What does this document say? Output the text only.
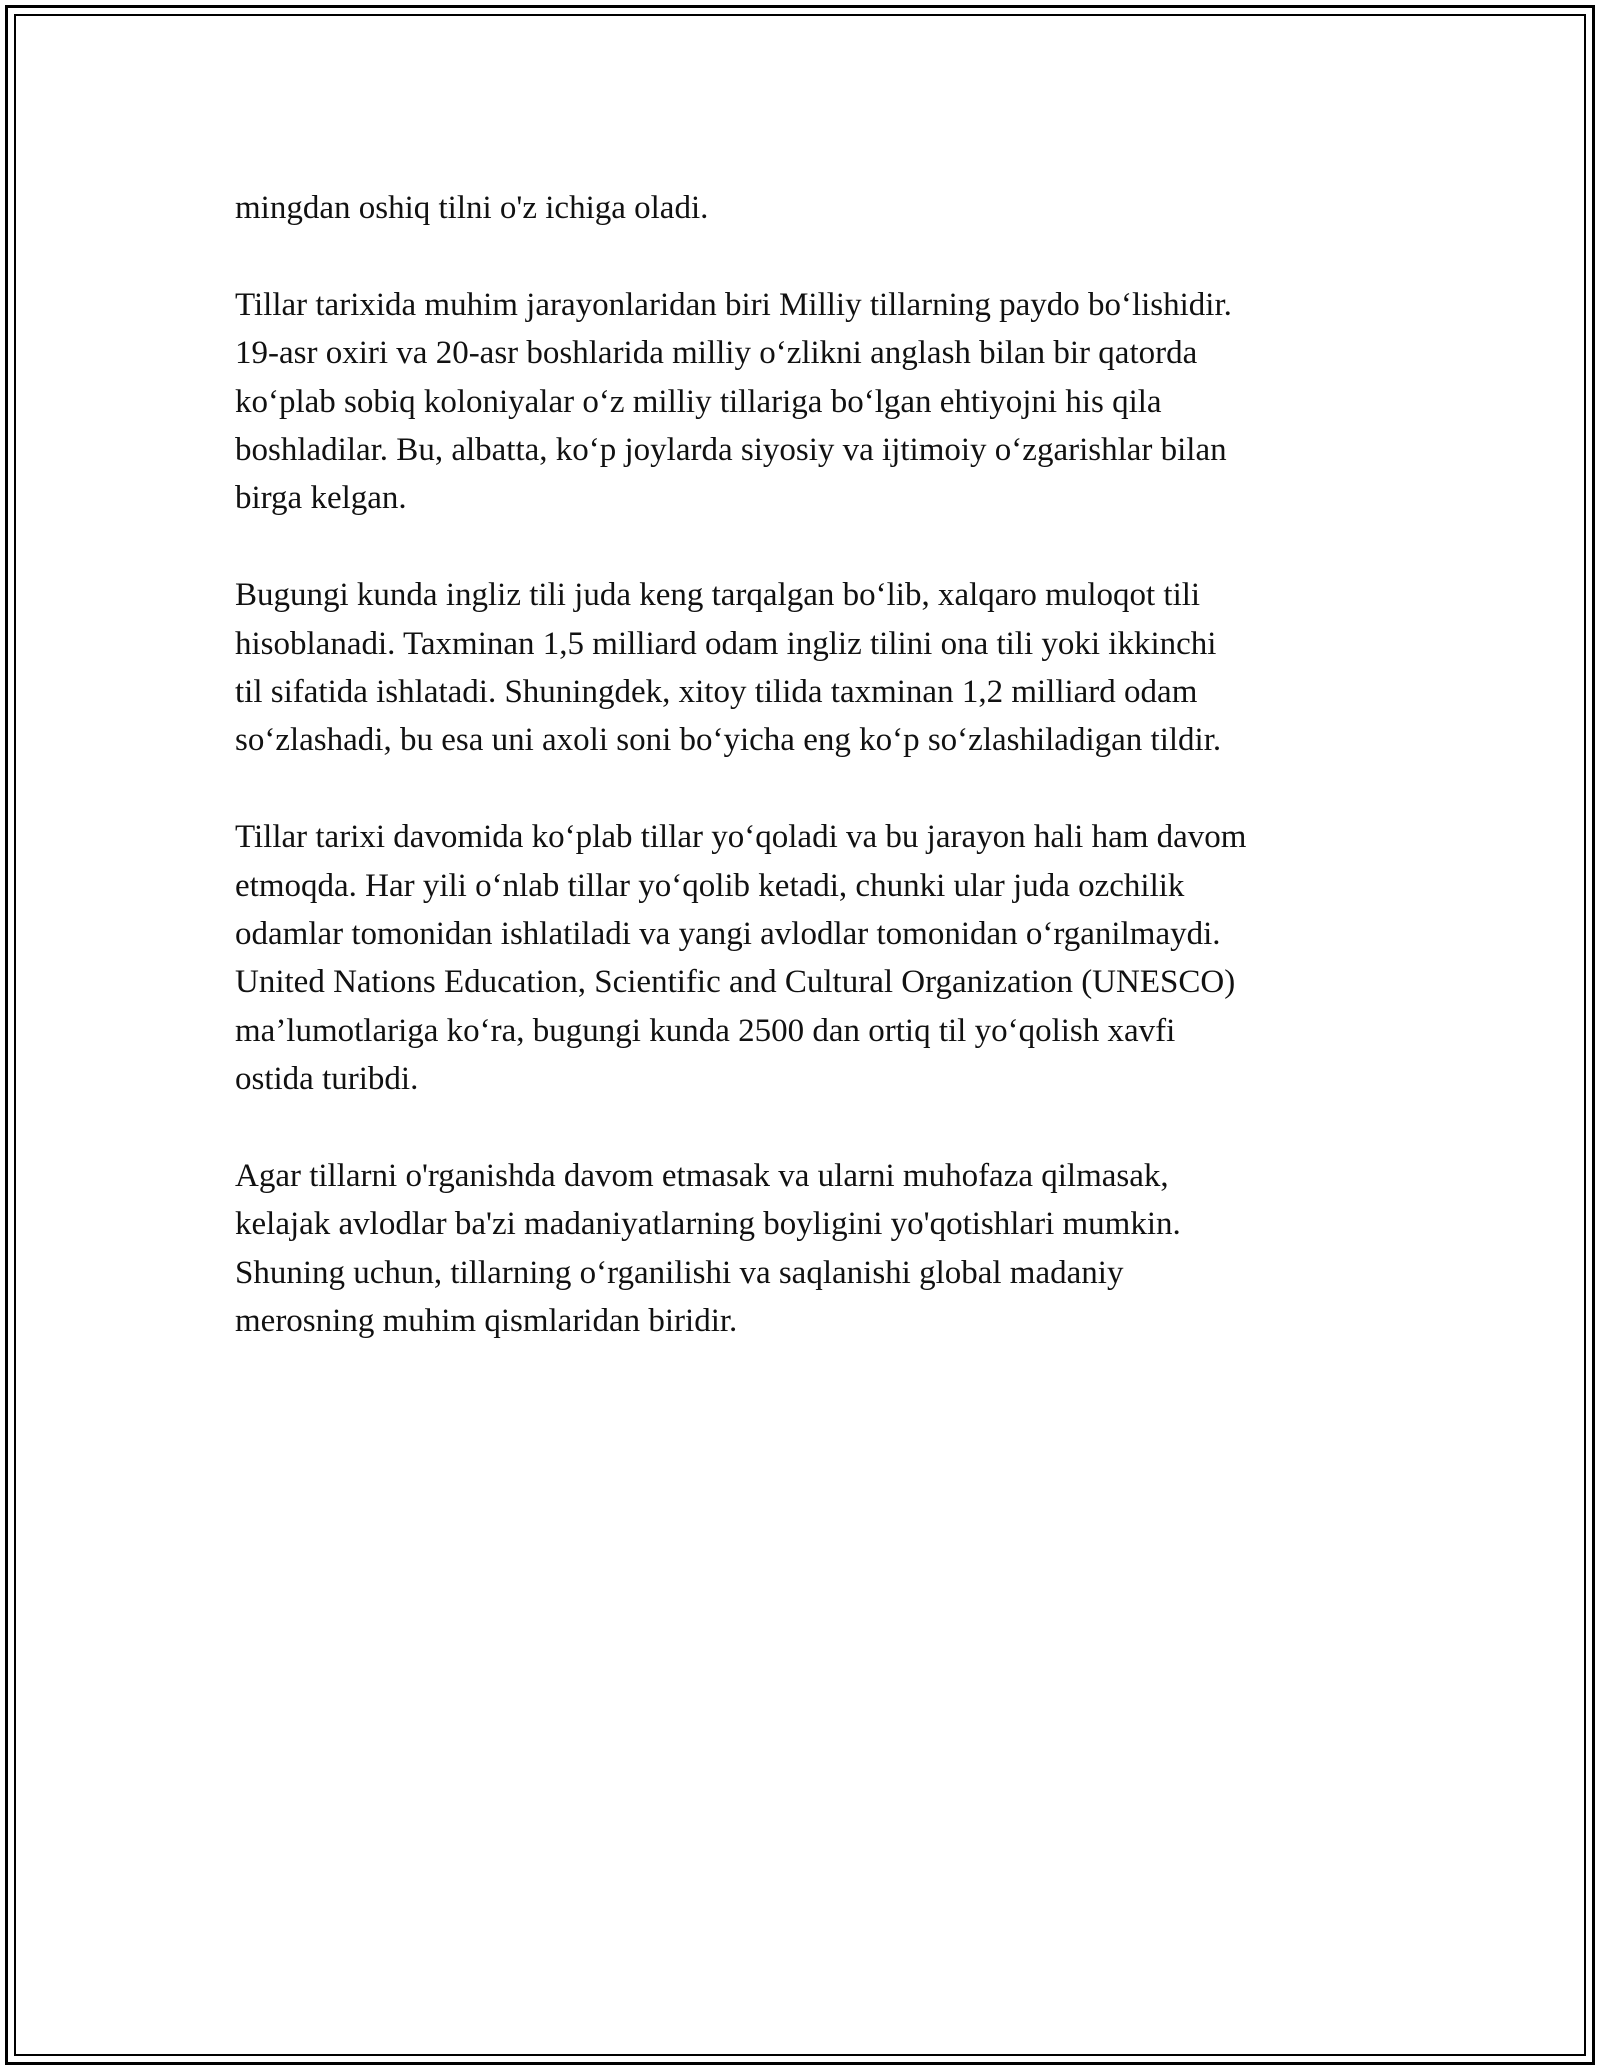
mingdan oshiq tilni o'z ichiga oladi.

Tillar tarixida muhim jarayonlaridan biri Milliy tillarning paydo bo‘lishidir.
19-asr oxiri va 20-asr boshlarida milliy o‘zlikni anglash bilan bir qatorda
ko‘plab sobiq koloniyalar o‘z milliy tillariga bo‘lgan ehtiyojni his qila
boshladilar. Bu, albatta, ko‘p joylarda siyosiy va ijtimoiy o‘zgarishlar bilan
birga kelgan.

Bugungi kunda ingliz tili juda keng tarqalgan bo‘lib, xalqaro muloqot tili
hisoblanadi. Taxminan 1,5 milliard odam ingliz tilini ona tili yoki ikkinchi
til sifatida ishlatadi. Shuningdek, xitoy tilida taxminan 1,2 milliard odam
so‘zlashadi, bu esa uni axoli soni bo‘yicha eng ko‘p so‘zlashiladigan tildir.

Tillar tarixi davomida ko‘plab tillar yo‘qoladi va bu jarayon hali ham davom
etmoqda. Har yili o‘nlab tillar yo‘qolib ketadi, chunki ular juda ozchilik
odamlar tomonidan ishlatiladi va yangi avlodlar tomonidan o‘rganilmaydi.
United Nations Education, Scientific and Cultural Organization (UNESCO)
ma’lumotlariga ko‘ra, bugungi kunda 2500 dan ortiq til yo‘qolish xavfi
ostida turibdi.

Agar tillarni o'rganishda davom etmasak va ularni muhofaza qilmasak,
kelajak avlodlar ba'zi madaniyatlarning boyligini yo'qotishlari mumkin.
Shuning uchun, tillarning o‘rganilishi va saqlanishi global madaniy
merosning muhim qismlaridan biridir.
